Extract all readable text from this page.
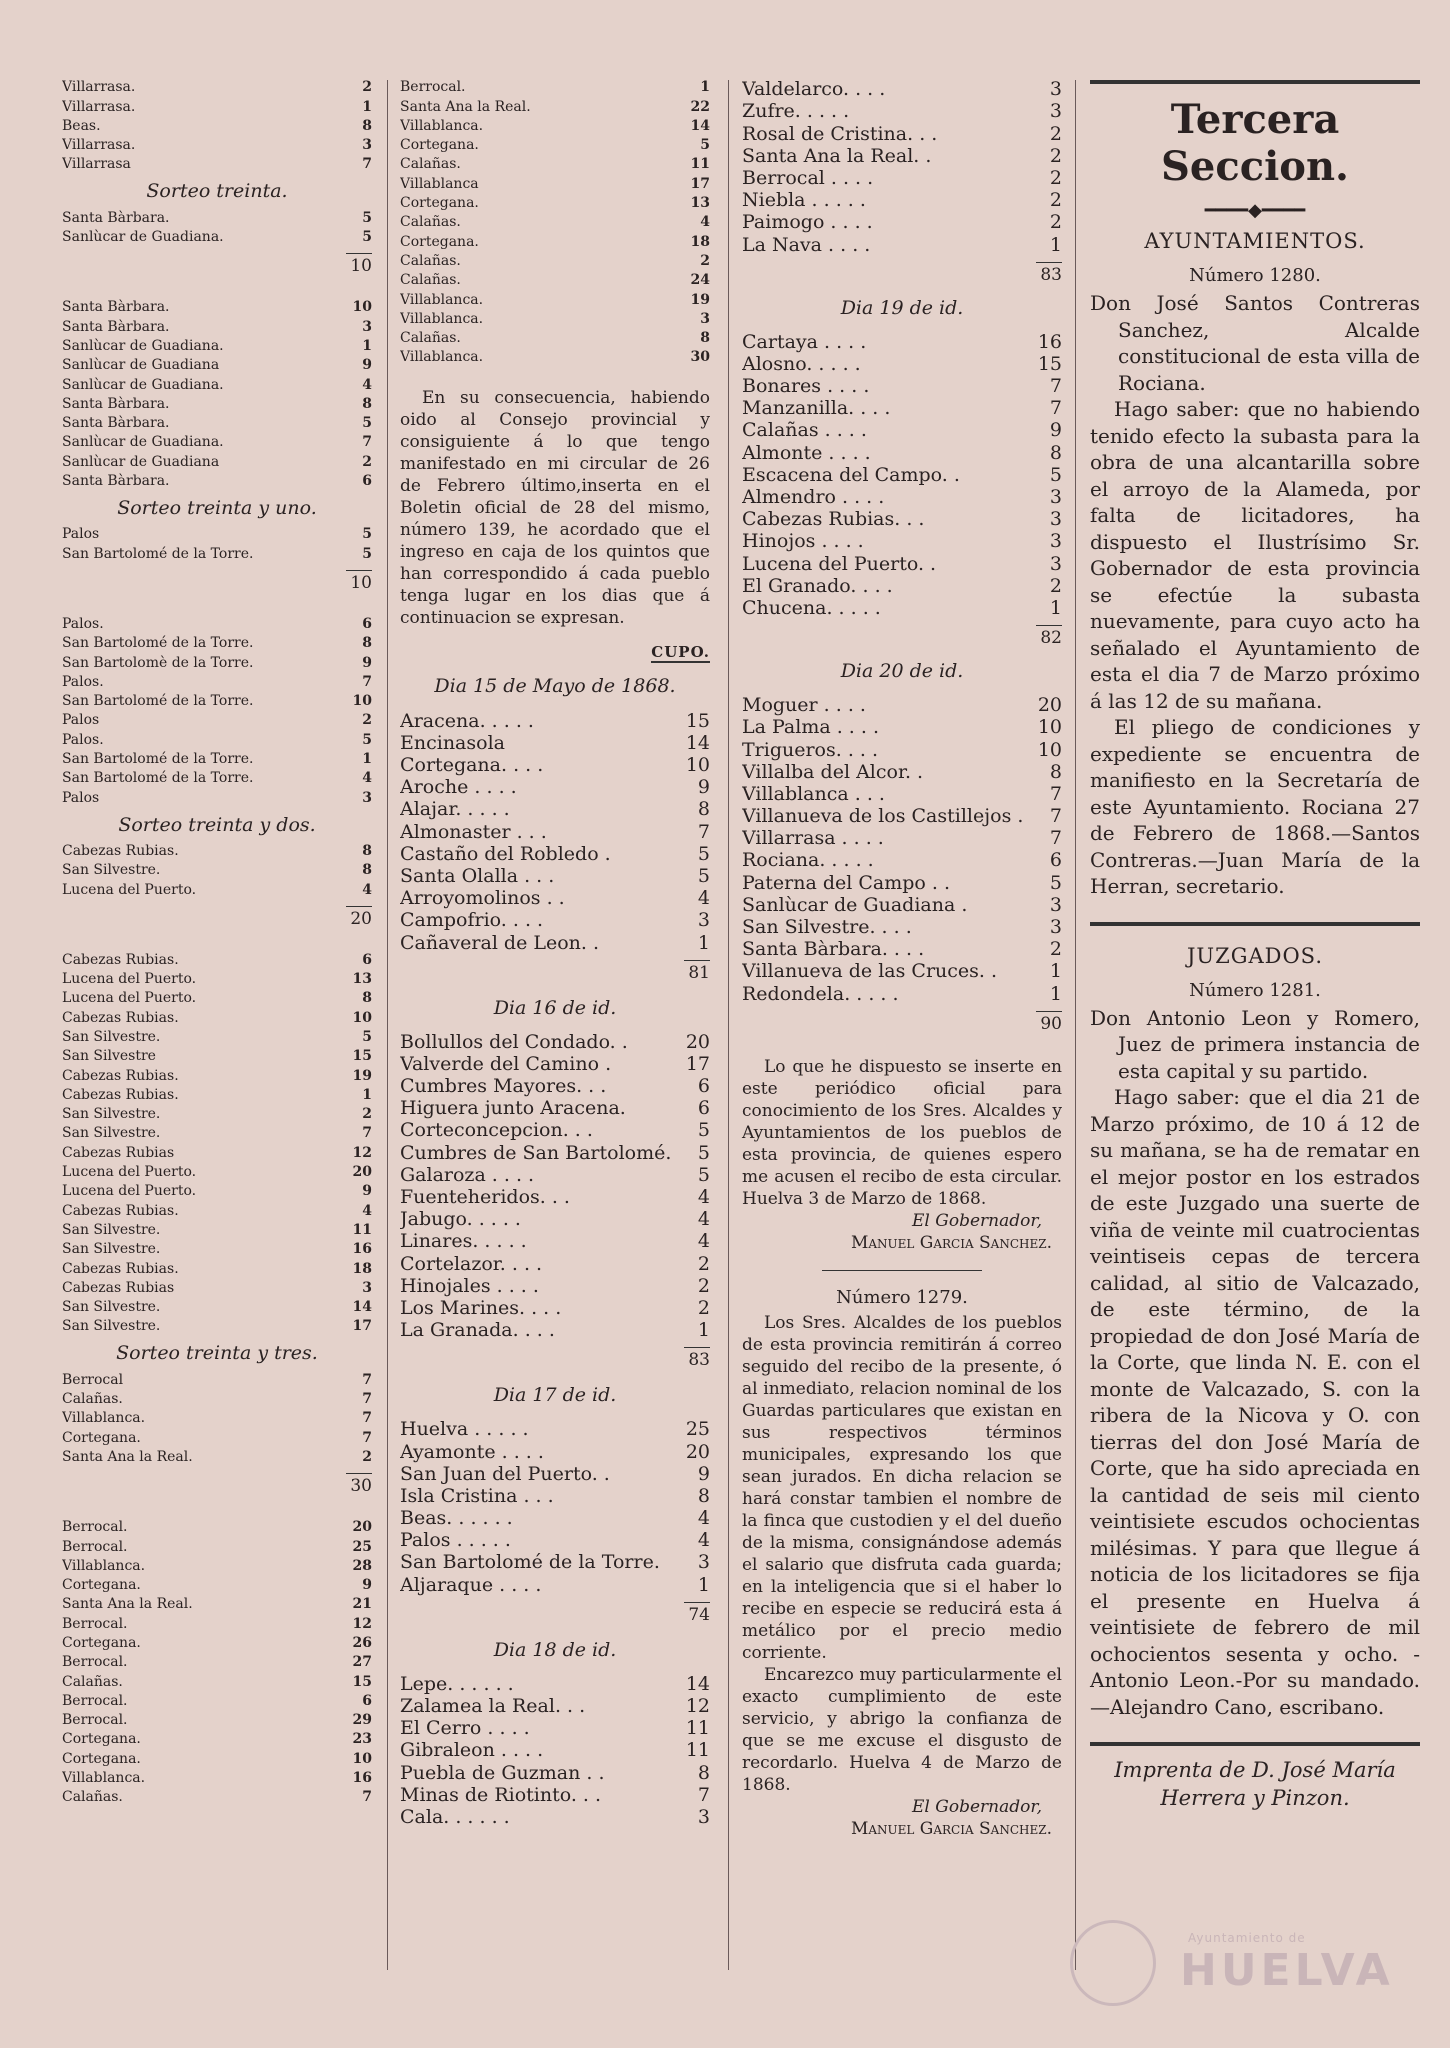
Villarrasa.	2
Villarrasa.	1
Beas.	8
Villarrasa.	3
Villarrasa	7
Sorteo treinta.
Santa Bàrbara.	5
Sanlùcar de Guadiana.	5
10
Santa Bàrbara.	10
Santa Bàrbara.	3
Sanlùcar de Guadiana.	1
Sanlùcar de Guadiana	9
Sanlùcar de Guadiana.	4
Santa Bàrbara.	8
Santa Bàrbara.	5
Sanlùcar de Guadiana.	7
Sanlùcar de Guadiana	2
Santa Bàrbara.	6
Sorteo treinta y uno.
Palos	5
San Bartolomé de la Torre.	5
10
Palos.	6
San Bartolomé de la Torre.	8
San Bartolomè de la Torre.	9
Palos.	7
San Bartolomé de la Torre.	10
Palos	2
Palos.	5
San Bartolomé de la Torre.	1
San Bartolomé de la Torre.	4
Palos	3
Sorteo treinta y dos.
Cabezas Rubias.	8
San Silvestre.	8
Lucena del Puerto.	4
20
Cabezas Rubias.	6
Lucena del Puerto.	13
Lucena del Puerto.	8
Cabezas Rubias.	10
San Silvestre.	5
San Silvestre	15
Cabezas Rubias.	19
Cabezas Rubias.	1
San Silvestre.	2
San Silvestre.	7
Cabezas Rubias	12
Lucena del Puerto.	20
Lucena del Puerto.	9
Cabezas Rubias.	4
San Silvestre.	11
San Silvestre.	16
Cabezas Rubias.	18
Cabezas Rubias	3
San Silvestre.	14
San Silvestre.	17
Sorteo treinta y tres.
Berrocal	7
Calañas.	7
Villablanca.	7
Cortegana.	7
Santa Ana la Real.	2
30
Berrocal.	20
Berrocal.	25
Villablanca.	28
Cortegana.	9
Santa Ana la Real.	21
Berrocal.	12
Cortegana.	26
Berrocal.	27
Calañas.	15
Berrocal.	6
Berrocal.	29
Cortegana.	23
Cortegana.	10
Villablanca.	16
Calañas.	7
Berrocal.	1
Santa Ana la Real.	22
Villablanca.	14
Cortegana.	5
Calañas.	11
Villablanca	17
Cortegana.	13
Calañas.	4
Cortegana.	18
Calañas.	2
Calañas.	24
Villablanca.	19
Villablanca.	3
Calañas.	8
Villablanca.	30

En su consecuencia, habiendo oido al Consejo provincial y consiguiente á lo que tengo manifestado en mi circular de 26 de Febrero último,inserta en el Boletin oficial de 28 del mismo, número 139, he acordado que el ingreso en caja de los quintos que han correspondido á cada pueblo tenga lugar en los dias que á continuacion se expresan.

CUPO.
Dia 15 de Mayo de 1868.
Aracena. . . . .	15
Encinasola	14
Cortegana. . . .	10
Aroche . . . .	9
Alajar. . . . .	8
Almonaster . . .	7
Castaño del Robledo .	5
Santa Olalla . . .	5
Arroyomolinos . .	4
Campofrio. . . .	3
Cañaveral de Leon. .	1
81
Dia 16 de id.
Bollullos del Condado. .	20
Valverde del Camino .	17
Cumbres Mayores. . .	6
Higuera junto Aracena.	6
Corteconcepcion. . .	5
Cumbres de San Bartolomé.	5
Galaroza . . . .	5
Fuenteheridos. . .	4
Jabugo. . . . .	4
Linares. . . . .	4
Cortelazor. . . .	2
Hinojales . . . .	2
Los Marines. . . .	2
La Granada. . . .	1
83
Dia 17 de id.
Huelva . . . . .	25
Ayamonte . . . .	20
San Juan del Puerto. .	9
Isla Cristina . . .	8
Beas. . . . . .	4
Palos . . . . .	4
San Bartolomé de la Torre.	3
Aljaraque . . . .	1
74
Dia 18 de id.
Lepe. . . . . .	14
Zalamea la Real. . .	12
El Cerro . . . .	11
Gibraleon . . . .	11
Puebla de Guzman . .	8
Minas de Riotinto. . .	7
Cala. . . . . .	3
Valdelarco. . . .	3
Zufre. . . . .	3
Rosal de Cristina. . .	2
Santa Ana la Real. .	2
Berrocal . . . .	2
Niebla . . . . .	2
Paimogo . . . .	2
La Nava . . . .	1
83
Dia 19 de id.
Cartaya . . . .	16
Alosno. . . . .	15
Bonares . . . .	7
Manzanilla. . . .	7
Calañas . . . .	9
Almonte . . . .	8
Escacena del Campo. .	5
Almendro . . . .	3
Cabezas Rubias. . .	3
Hinojos . . . .	3
Lucena del Puerto. .	3
El Granado. . . .	2
Chucena. . . . .	1
82
Dia 20 de id.
Moguer . . . .	20
La Palma . . . .	10
Trigueros. . . .	10
Villalba del Alcor. .	8
Villablanca . . .	7
Villanueva de los Castillejos .	7
Villarrasa . . . .	7
Rociana. . . . .	6
Paterna del Campo . .	5
Sanlùcar de Guadiana .	3
San Silvestre. . . .	3
Santa Bàrbara. . . .	2
Villanueva de las Cruces. .	1
Redondela. . . . .	1
90

Lo que he dispuesto se inserte en este periódico oficial para conocimiento de los Sres. Alcaldes y Ayuntamientos de los pueblos de esta provincia, de quienes espero me acusen el recibo de esta circular. Huelva 3 de Marzo de 1868.

El Gobernador,

Manuel Garcia Sanchez.

Número 1279.

Los Sres. Alcaldes de los pueblos de esta provincia remitirán á correo seguido del recibo de la presente, ó al inmediato, relacion nominal de los Guardas particulares que existan en sus respectivos términos municipales, expresando los que sean jurados. En dicha relacion se hará constar tambien el nombre de la finca que custodien y el del dueño de la misma, consignándose además el salario que disfruta cada guarda; en la inteligencia que si el haber lo recibe en especie se reducirá esta á metálico por el precio medio corriente.

Encarezco muy particularmente el exacto cumplimiento de este servicio, y abrigo la confianza de que se me excuse el disgusto de recordarlo. Huelva 4 de Marzo de 1868.

El Gobernador,

Manuel Garcia Sanchez.

Tercera Seccion.
━━━━◆━━━━
AYUNTAMIENTOS.
Número 1280.

Don José Santos Contreras Sanchez, Alcalde constitucional de esta villa de Rociana.

Hago saber: que no habiendo tenido efecto la subasta para la obra de una alcantarilla sobre el arroyo de la Alameda, por falta de licitadores, ha dispuesto el Ilustrísimo Sr. Gobernador de esta provincia se efectúe la subasta nuevamente, para cuyo acto ha señalado el Ayuntamiento de esta el dia 7 de Marzo próximo á las 12 de su mañana.

El pliego de condiciones y expediente se encuentra de manifiesto en la Secretaría de este Ayuntamiento. Rociana 27 de Febrero de 1868.—Santos Contreras.—Juan María de la Herran, secretario.

JUZGADOS.
Número 1281.

Don Antonio Leon y Romero, Juez de primera instancia de esta capital y su partido.

Hago saber: que el dia 21 de Marzo próximo, de 10 á 12 de su mañana, se ha de rematar en el mejor postor en los estrados de este Juzgado una suerte de viña de veinte mil cuatrocientas veintiseis cepas de tercera calidad, al sitio de Valcazado, de este término, de la propiedad de don José María de la Corte, que linda N. E. con el monte de Valcazado, S. con la ribera de la Nicova y O. con tierras del don José María de Corte, que ha sido apreciada en la cantidad de seis mil ciento veintisiete escudos ochocientas milésimas. Y para que llegue á noticia de los licitadores se fija el presente en Huelva á veintisiete de febrero de mil ochocientos sesenta y ocho. -Antonio Leon.-Por su mandado.—Alejandro Cano, escribano.

Imprenta de D. José María
Herrera y Pinzon.
Ayuntamiento de
HUELVA
